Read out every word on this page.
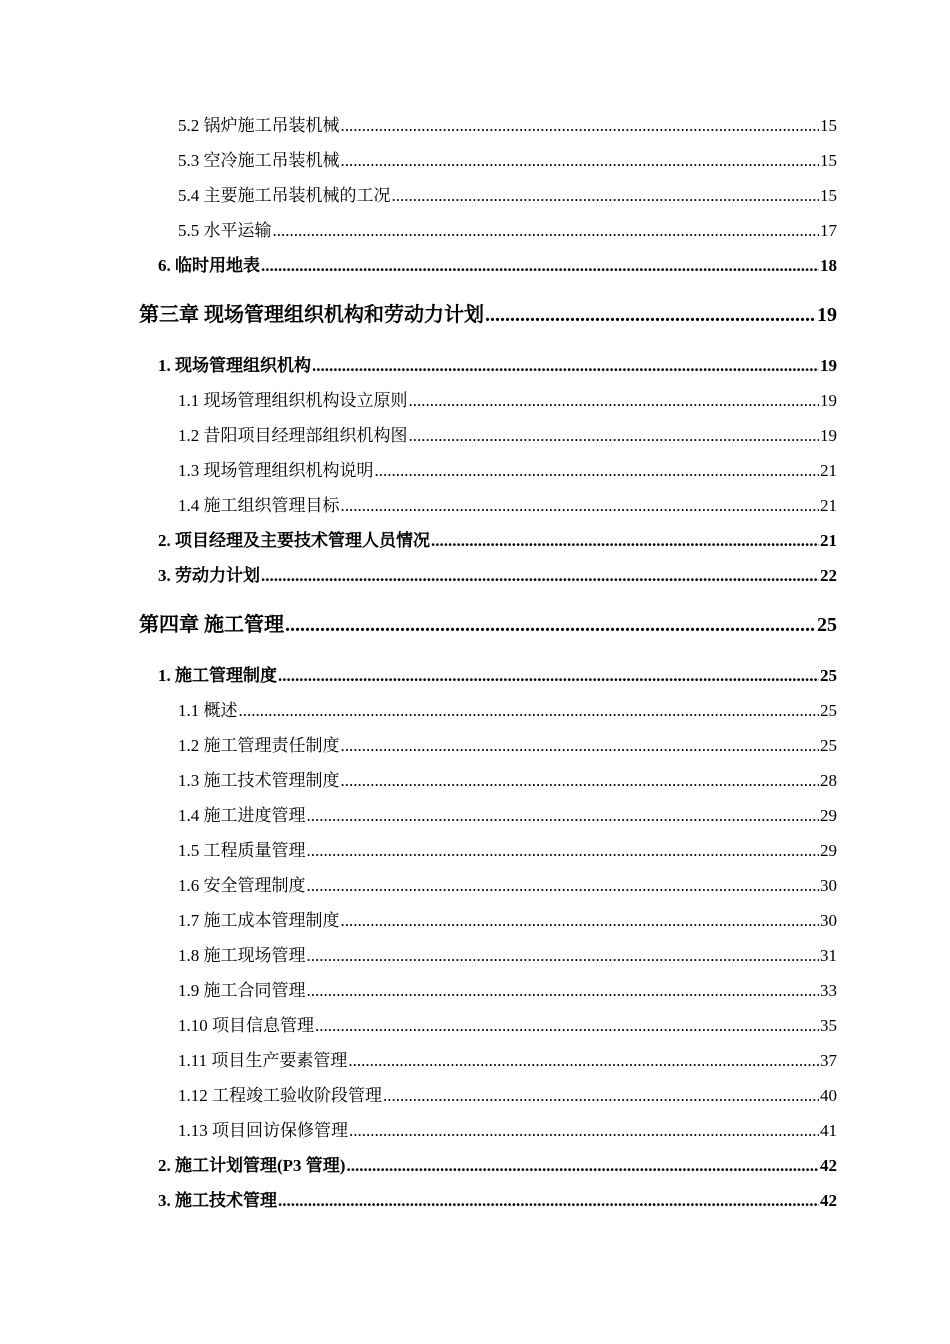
5.2 锅炉施工吊装机械 .....	15
5.3 空冷施工吊装机械 .....	15
5.4 主要施工吊装机械的工况 .....	15
5.5 水平运输 .....	17
6. 临时用地表 .....	18
第三章 现场管理组织机构和劳动力计划 .....	19
1. 现场管理组织机构 .....	19
1.1 现场管理组织机构设立原则 .....	19
1.2 昔阳项目经理部组织机构图 .....	19
1.3 现场管理组织机构说明 .....	21
1.4 施工组织管理目标 .....	21
2. 项目经理及主要技术管理人员情况 .....	21
3. 劳动力计划 .....	22
第四章 施工管理 .....	25
1. 施工管理制度 .....	25
1.1 概述 .....	25
1.2 施工管理责任制度 .....	25
1.3 施工技术管理制度 .....	28
1.4 施工进度管理 .....	29
1.5 工程质量管理 .....	29
1.6 安全管理制度 .....	30
1.7 施工成本管理制度 .....	30
1.8 施工现场管理 .....	31
1.9 施工合同管理 .....	33
1.10 项目信息管理 .....	35
1.11 项目生产要素管理 .....	37
1.12 工程竣工验收阶段管理 .....	40
1.13 项目回访保修管理 .....	41
2. 施工计划管理(P3 管理) .....	42
3. 施工技术管理 .....	42
